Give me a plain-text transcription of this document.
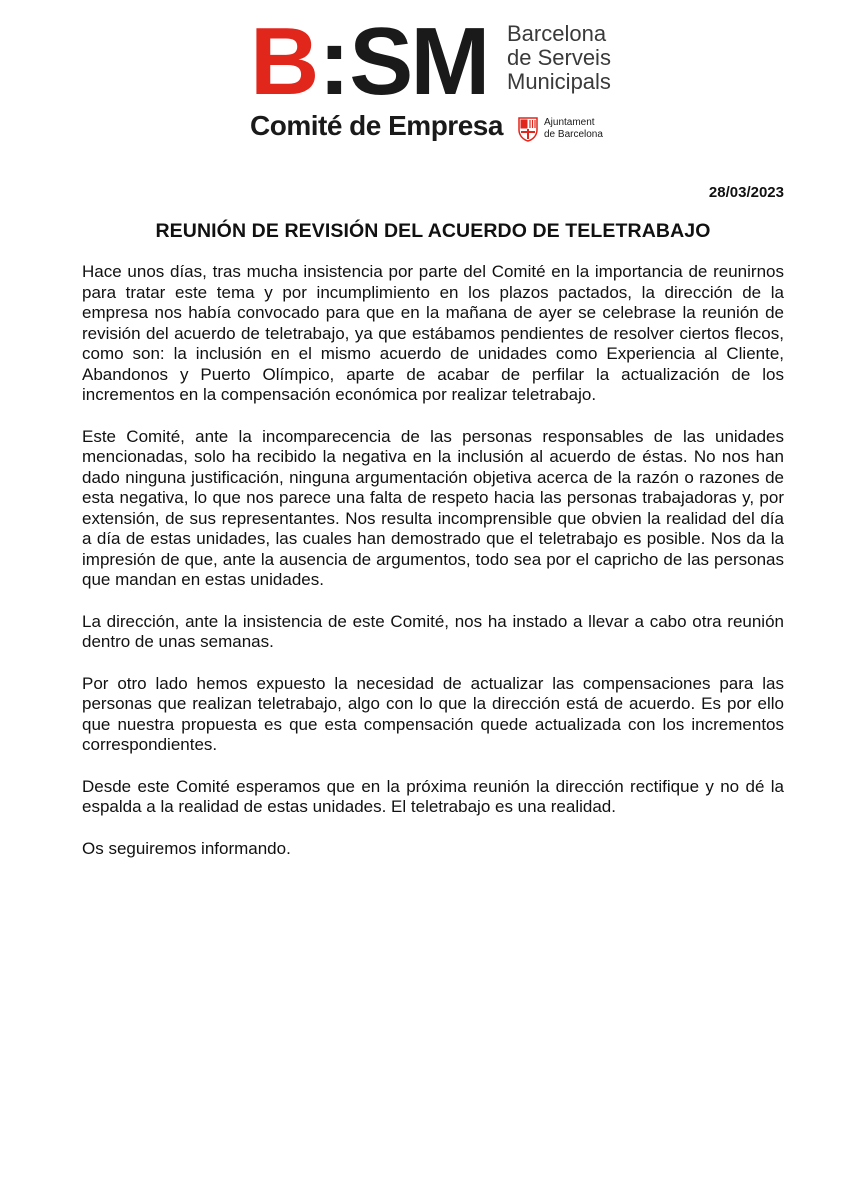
B:SM Barcelona
de Serveis
Municipals
Comité de Empresa	Ajuntament
de Barcelona
28/03/2023
REUNIÓN DE REVISIÓN DEL ACUERDO DE TELETRABAJO

Hace unos días, tras mucha insistencia por parte del Comité en la importancia de reunirnos para tratar este tema y por incumplimiento en los plazos pactados, la dirección de la empresa nos había convocado para que en la mañana de ayer se celebrase la reunión de revisión del acuerdo de teletrabajo, ya que estábamos pendientes de resolver ciertos flecos, como son: la inclusión en el mismo acuerdo de unidades como Experiencia al Cliente, Abandonos y Puerto Olímpico, aparte de acabar de perfilar la actualización de los incrementos en la compensación económica por realizar teletrabajo.

Este Comité, ante la incomparecencia de las personas responsables de las unidades mencionadas, solo ha recibido la negativa en la inclusión al acuerdo de éstas. No nos han dado ninguna justificación, ninguna argumentación objetiva acerca de la razón o razones de esta negativa, lo que nos parece una falta de respeto hacia las personas trabajadoras y, por extensión, de sus representantes. Nos resulta incomprensible que obvien la realidad del día a día de estas unidades, las cuales han demostrado que el teletrabajo es posible. Nos da la impresión de que, ante la ausencia de argumentos, todo sea por el capricho de las personas que mandan en estas unidades.

La dirección, ante la insistencia de este Comité, nos ha instado a llevar a cabo otra reunión dentro de unas semanas.

Por otro lado hemos expuesto la necesidad de actualizar las compensaciones para las personas que realizan teletrabajo, algo con lo que la dirección está de acuerdo. Es por ello que nuestra propuesta es que esta compensación quede actualizada con los incrementos correspondientes.

Desde este Comité esperamos que en la próxima reunión la dirección rectifique y no dé la espalda a la realidad de estas unidades. El teletrabajo es una realidad.

Os seguiremos informando.
